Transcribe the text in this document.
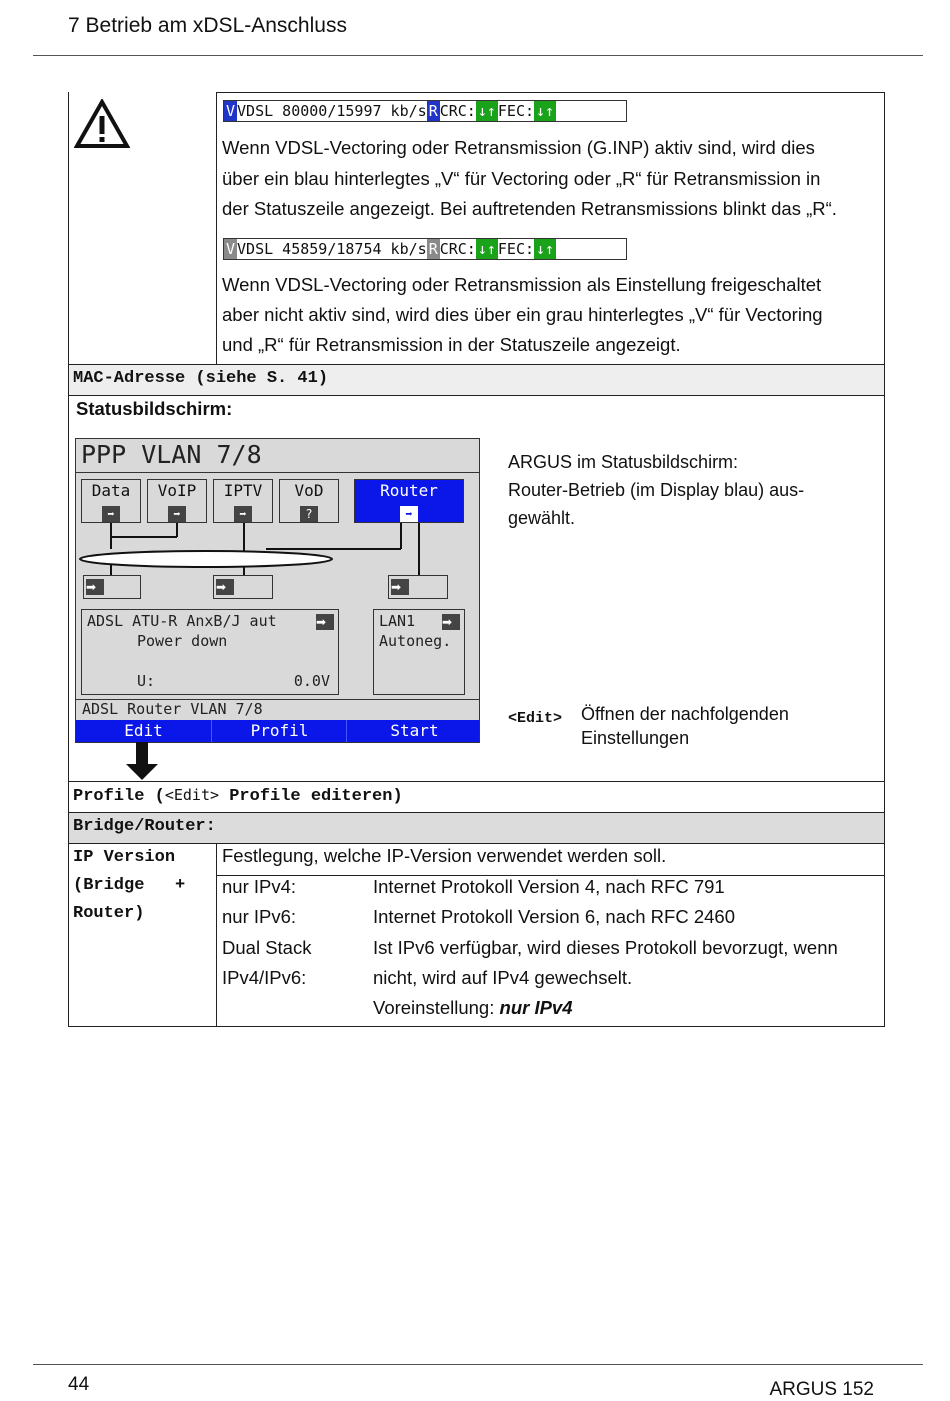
7 Betrieb am xDSL-Anschluss
V VDSL 80000/15997 kb/sRCRC: ↓↑FEC: ↓↑
Wenn VDSL-Vectoring oder Retransmission (G.INP) aktiv sind, wird dies
über ein blau hinterlegtes „V“ für Vectoring oder „R“ für Retransmission in
der Statuszeile angezeigt. Bei auftretenden Retransmissions blinkt das „R“.
V VDSL 45859/18754 kb/sRCRC: ↓↑FEC: ↓↑
Wenn VDSL-Vectoring oder Retransmission als Einstellung freigeschaltet
aber nicht aktiv sind, wird dies über ein grau hinterlegtes „V“ für Vectoring
und „R“ für Retransmission in der Statuszeile angezeigt.
MAC-Adresse (siehe S. 41)
Statusbildschirm:
PPP VLAN 7/8
Data
➡
VoIP
➡
IPTV
➡
VoD
?
Router
➡
➡	➡	➡
ADSL ATU-R AnxB/J aut	➡
Power down
U:	0.0V
LAN1 ➡
Autoneg.
ADSL Router VLAN 7/8
Edit	Profil	Start
ARGUS im Statusbildschirm:
Router-Betrieb (im Display blau) aus-
gewählt.
<Edit> Öffnen der nachfolgenden
Einstellungen
Profile (<Edit> Profile editeren)
Bridge/Router:
IP Version
(Bridge   +
Router)
Festlegung, welche IP-Version verwendet werden soll.
nur IPv4:	Internet Protokoll Version 4, nach RFC 791
nur IPv6:	Internet Protokoll Version 6, nach RFC 2460
Dual Stack	Ist IPv6 verfügbar, wird dieses Protokoll bevorzugt, wenn
IPv4/IPv6:	nicht, wird auf IPv4 gewechselt.
Voreinstellung: nur IPv4
44	ARGUS 152
